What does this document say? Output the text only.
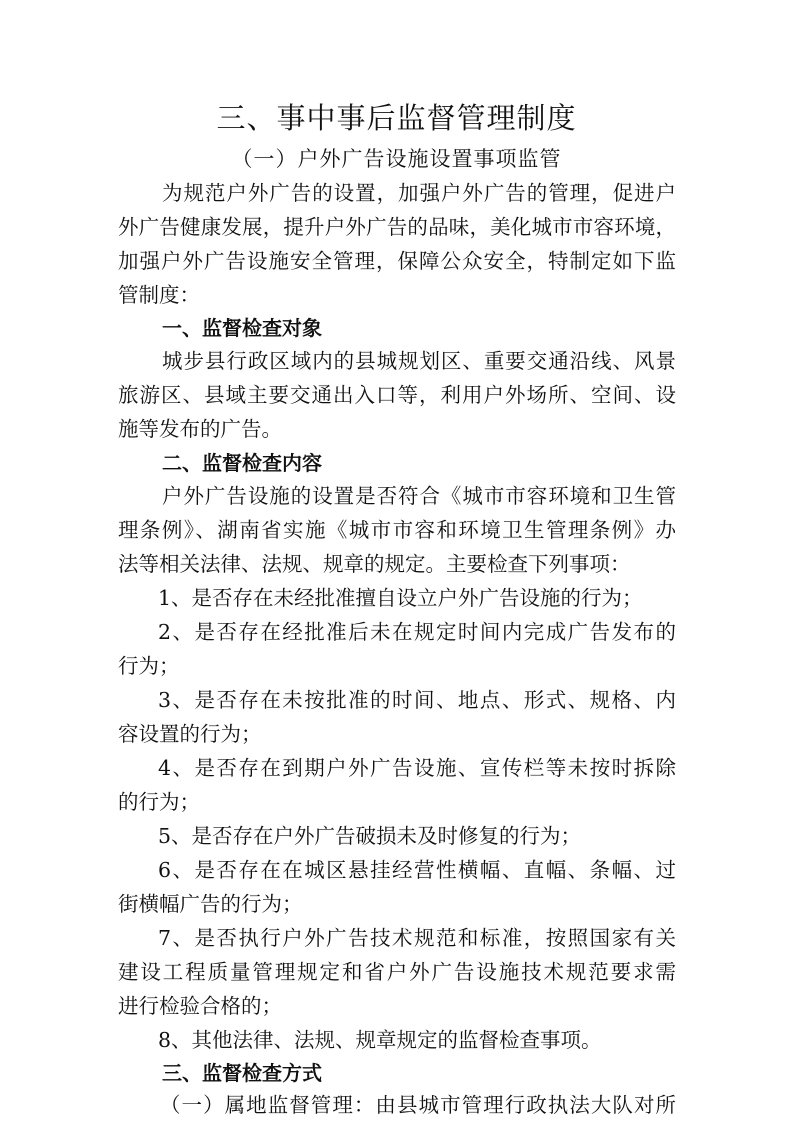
三、事中事后监督管理制度
（一）户外广告设施设置事项监管
为规范户外广告的设置，加强户外广告的管理，促进户
外广告健康发展，提升户外广告的品味，美化城市市容环境，
加强户外广告设施安全管理，保障公众安全，特制定如下监
管制度：
一、监督检查对象
城步县行政区域内的县城规划区、重要交通沿线、风景
旅游区、县域主要交通出入口等，利用户外场所、空间、设
施等发布的广告。
二、监督检查内容
户外广告设施的设置是否符合《城市市容环境和卫生管
理条例》、湖南省实施《城市市容和环境卫生管理条例》办
法等相关法律、法规、规章的规定。主要检查下列事项：
1、是否存在未经批准擅自设立户外广告设施的行为；
2、是否存在经批准后未在规定时间内完成广告发布的
行为；
3、是否存在未按批准的时间、地点、形式、规格、内
容设置的行为；
4、是否存在到期户外广告设施、宣传栏等未按时拆除
的行为；
5、是否存在户外广告破损未及时修复的行为；
6、是否存在在城区悬挂经营性横幅、直幅、条幅、过
街横幅广告的行为；
7、是否执行户外广告技术规范和标准，按照国家有关
建设工程质量管理规定和省户外广告设施技术规范要求需
进行检验合格的；
8、其他法律、法规、规章规定的监督检查事项。
三、监督检查方式
（一）属地监督管理：由县城市管理行政执法大队对所
